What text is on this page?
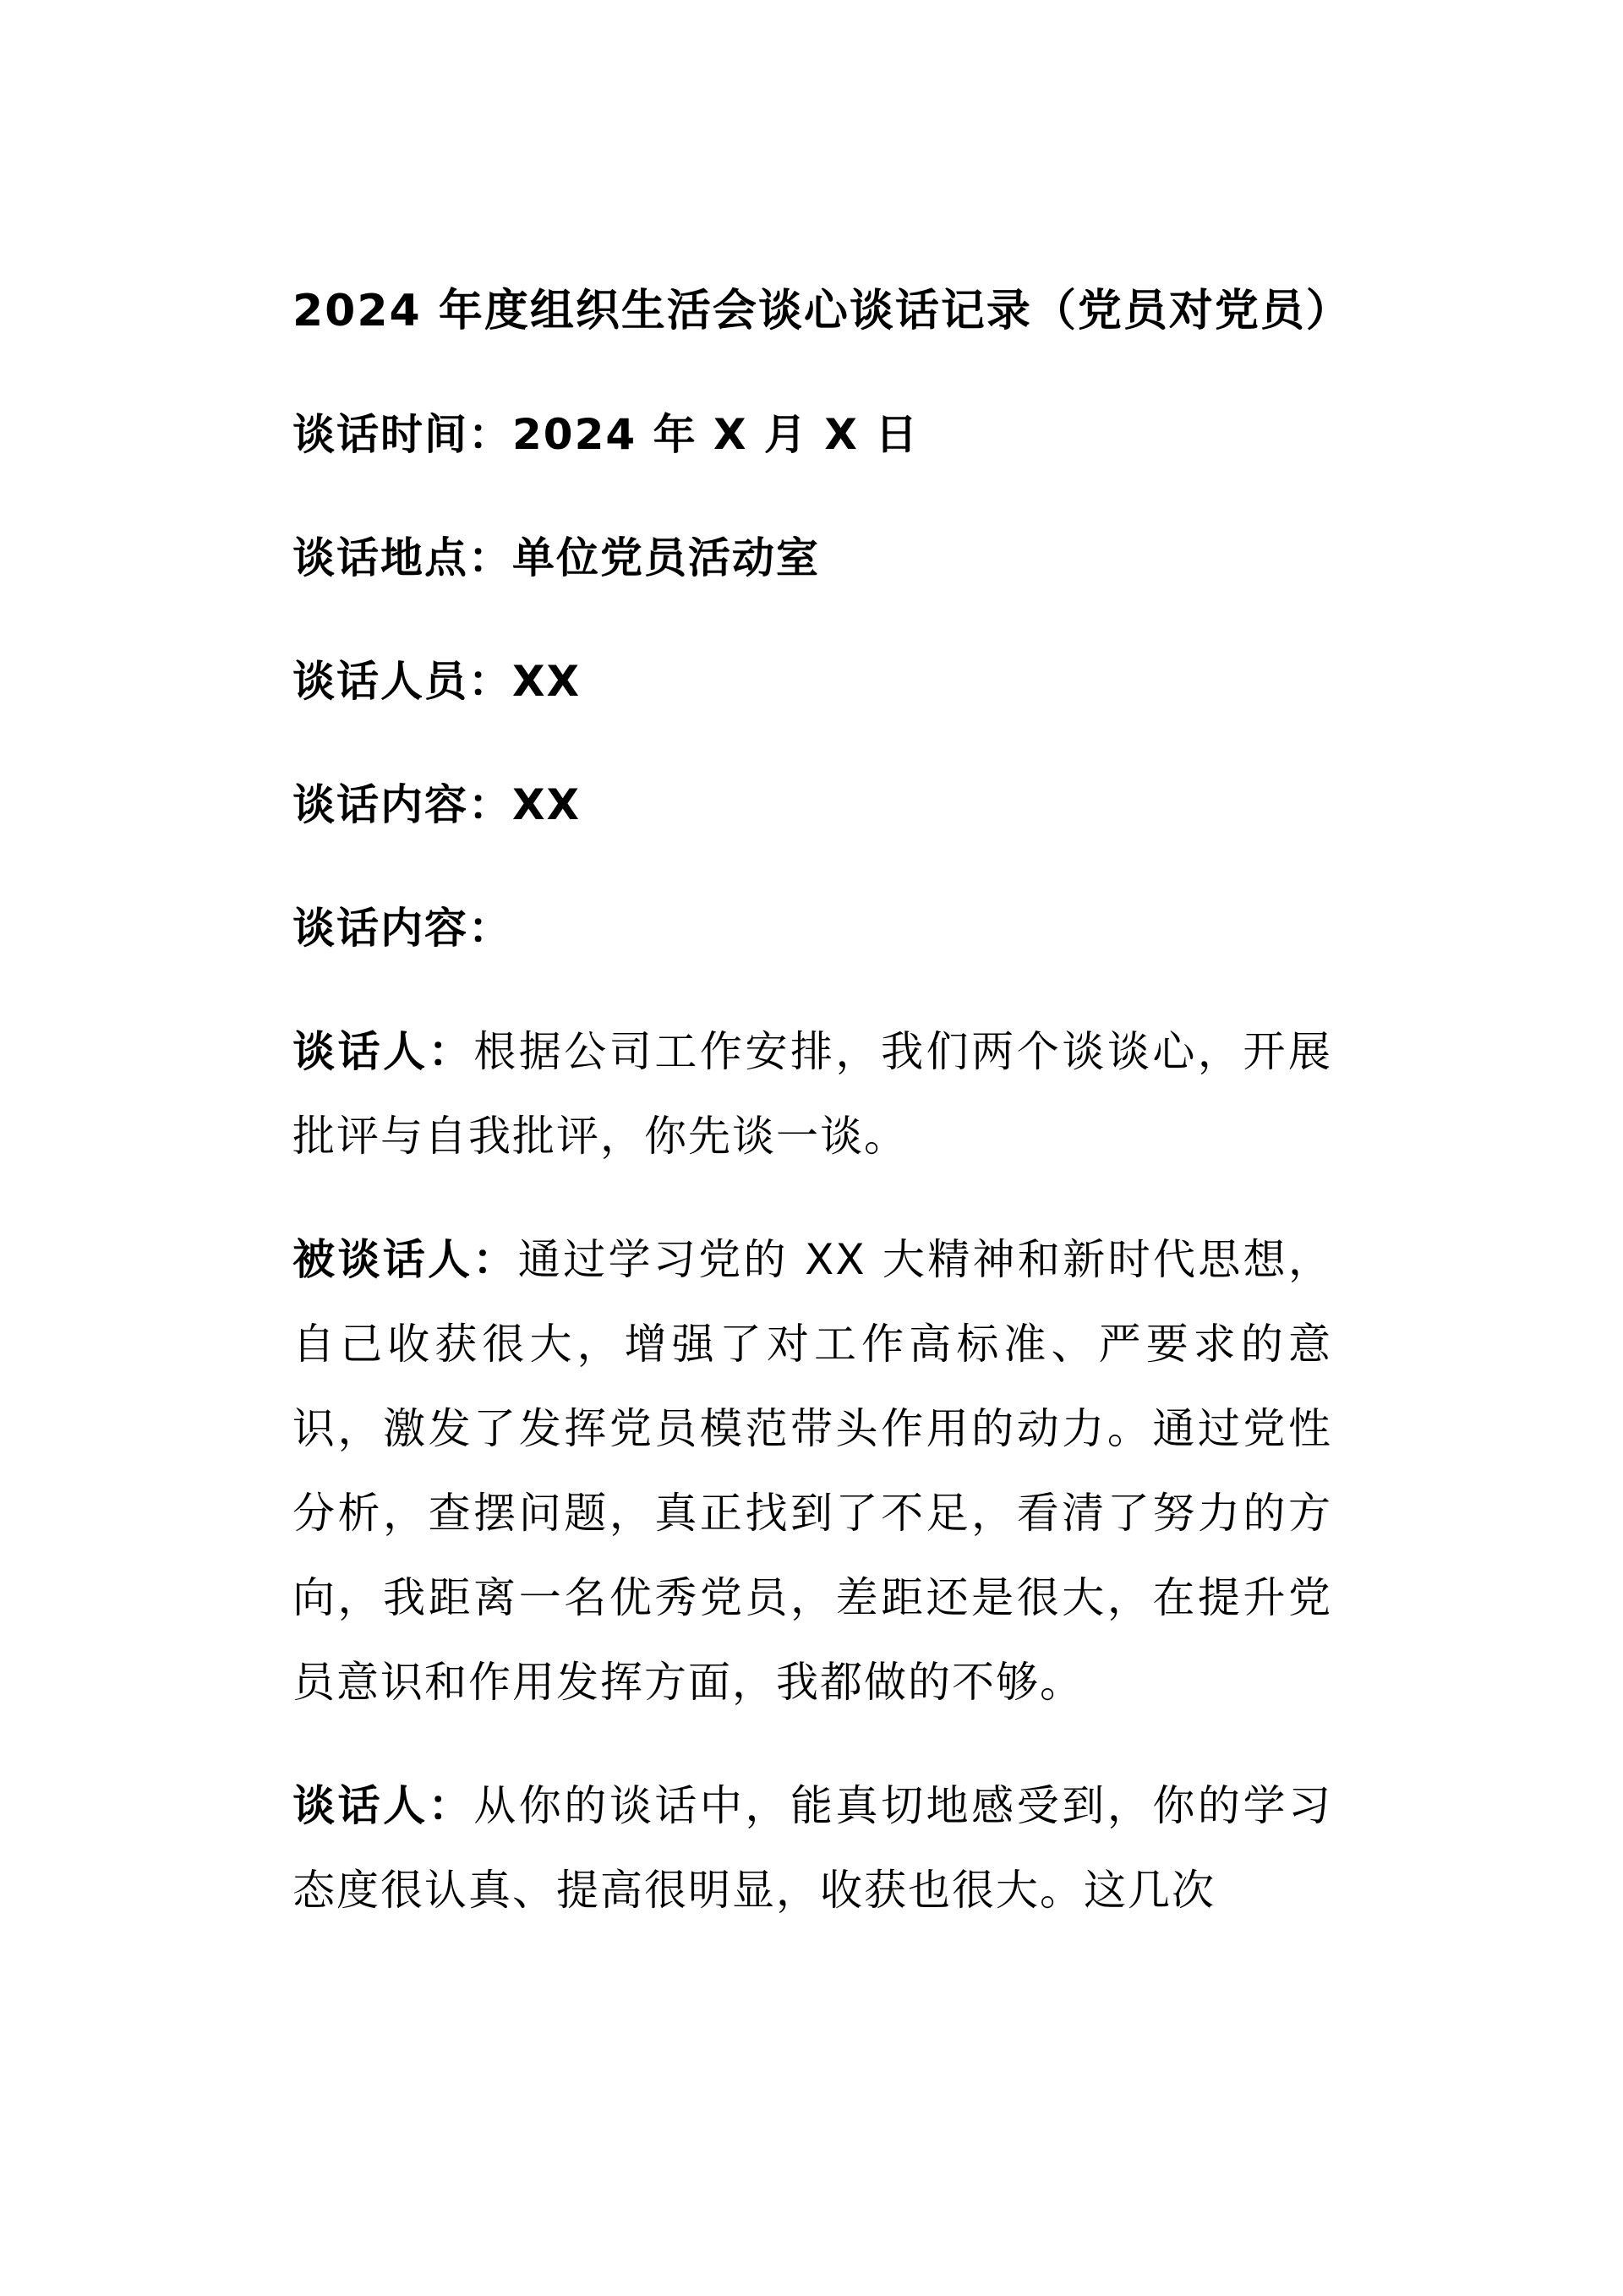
2024 年度组织生活会谈心谈话记录（党员对党员）
谈话时间：2024 年 X 月 X 日
谈话地点：单位党员活动室
谈话人员：XX
谈话内容：XX
谈话内容：

谈话人：根据公司工作安排，我们两个谈谈心，开展批评与自我批评，你先谈一谈。

被谈话人：通过学习党的 XX 大精神和新时代思想，自己收获很大，增强了对工作高标准、严要求的意识，激发了发挥党员模范带头作用的动力。通过党性分析，查摆问题，真正找到了不足，看清了努力的方向，我距离一名优秀党员，差距还是很大，在提升党员意识和作用发挥方面，我都做的不够。

谈话人：从你的谈话中，能真切地感受到，你的学习态度很认真、提高很明显，收获也很大。这几次
